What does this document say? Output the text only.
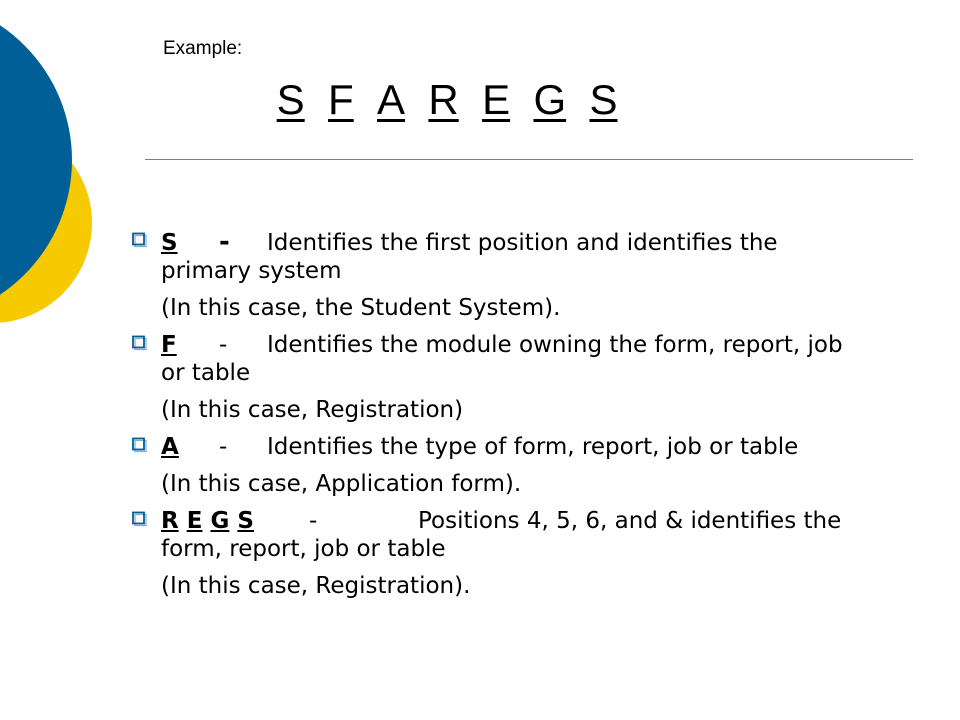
Example:

S
F
A
R
E
G
S
S - Identifies the first position and identifies the primary system
(In this case, the Student System).
F - Identifies the module owning the form, report, job or table
(In this case, Registration)
A - Identifies the type of form, report, job or table
(In this case, Application form).
R E G S -	Positions 4, 5, 6, and & identifies the form, report, job or table
(In this case, Registration).
